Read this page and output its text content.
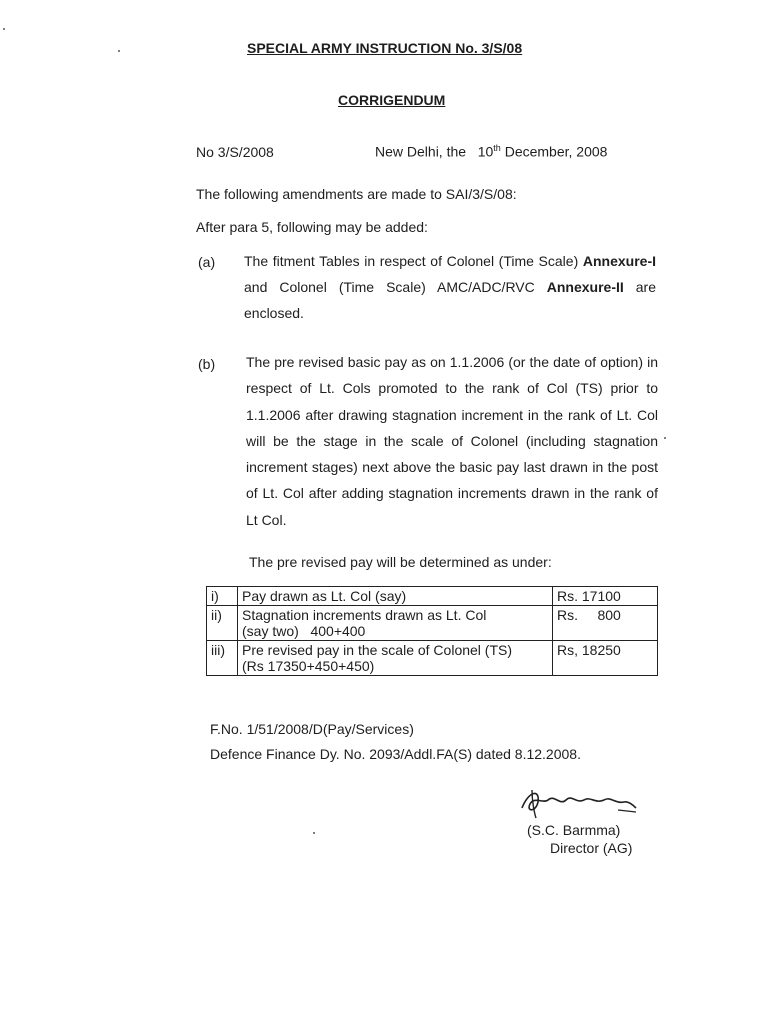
SPECIAL ARMY INSTRUCTION No. 3/S/08
CORRIGENDUM
No 3/S/2008	New Delhi, the 10th December, 2008
The following amendments are made to SAI/3/S/08:
After para 5, following may be added:
(a) The fitment Tables in respect of Colonel (Time Scale) Annexure-I and Colonel (Time Scale) AMC/ADC/RVC Annexure-II are enclosed.
(b) The pre revised basic pay as on 1.1.2006 (or the date of option) in respect of Lt. Cols promoted to the rank of Col (TS) prior to 1.1.2006 after drawing stagnation increment in the rank of Lt. Col will be the stage in the scale of Colonel (including stagnation increment stages) next above the basic pay last drawn in the post of Lt. Col after adding stagnation increments drawn in the rank of Lt Col.
The pre revised pay will be determined as under:
i)	Pay drawn as Lt. Col (say)	Rs. 17100
ii)	Stagnation increments drawn as Lt. Col
(say two)   400+400	Rs.     800
iii)	Pre revised pay in the scale of Colonel (TS)
(Rs 17350+450+450)	Rs, 18250
F.No. 1/51/2008/D(Pay/Services)
Defence Finance Dy. No. 2093/Addl.FA(S) dated 8.12.2008.
(S.C. Barmma)
Director (AG)
